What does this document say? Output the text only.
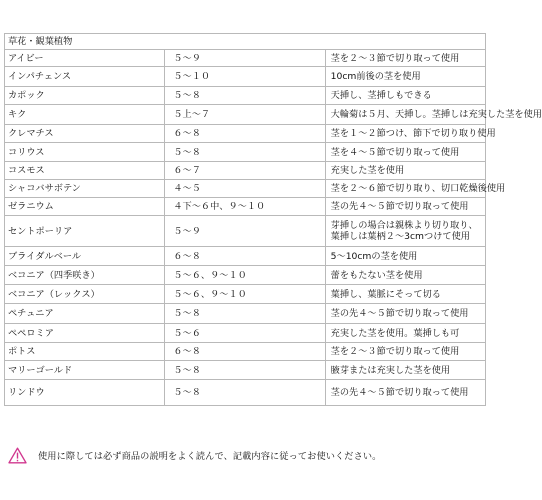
草花・観葉植物		
アイビー	５～９	茎を２～３節で切り取って使用
インパチェンス	５～１０	10cm前後の茎を使用
カポック	５～８	天挿し、茎挿しもできる
キク	５上～７	大輪菊は５月、天挿し。茎挿しは充実した茎を使用
クレマチス	６～８	茎を１～２節つけ、節下で切り取り使用
コリウス	５～８	茎を４～５節で切り取って使用
コスモス	６～７	充実した茎を使用
シャコバサボテン	４～５	茎を２～６節で切り取り、切口乾燥後使用
ゼラニウム	４下～６中、９～１０	茎の先４～５節で切り取って使用
セントポーリア	５～９	芽挿しの場合は親株より切り取り、葉挿しは葉柄２～3cmつけて使用
ブライダルベール	６～８	5～10cmの茎を使用
ベコニア（四季咲き）	５～６、９～１０	蕾をもたない茎を使用
ベコニア（レックス）	５～６、９～１０	葉挿し、葉脈にそって切る
ペチュニア	５～８	茎の先４～５節で切り取って使用
ペペロミア	５～６	充実した茎を使用。葉挿しも可
ポトス	６～８	茎を２～３節で切り取って使用
マリーゴールド	５～８	腋芽または充実した茎を使用
リンドウ	５～８	茎の先４～５節で切り取って使用
使用に際しては必ず商品の説明をよく読んで、記載内容に従ってお使いください。
